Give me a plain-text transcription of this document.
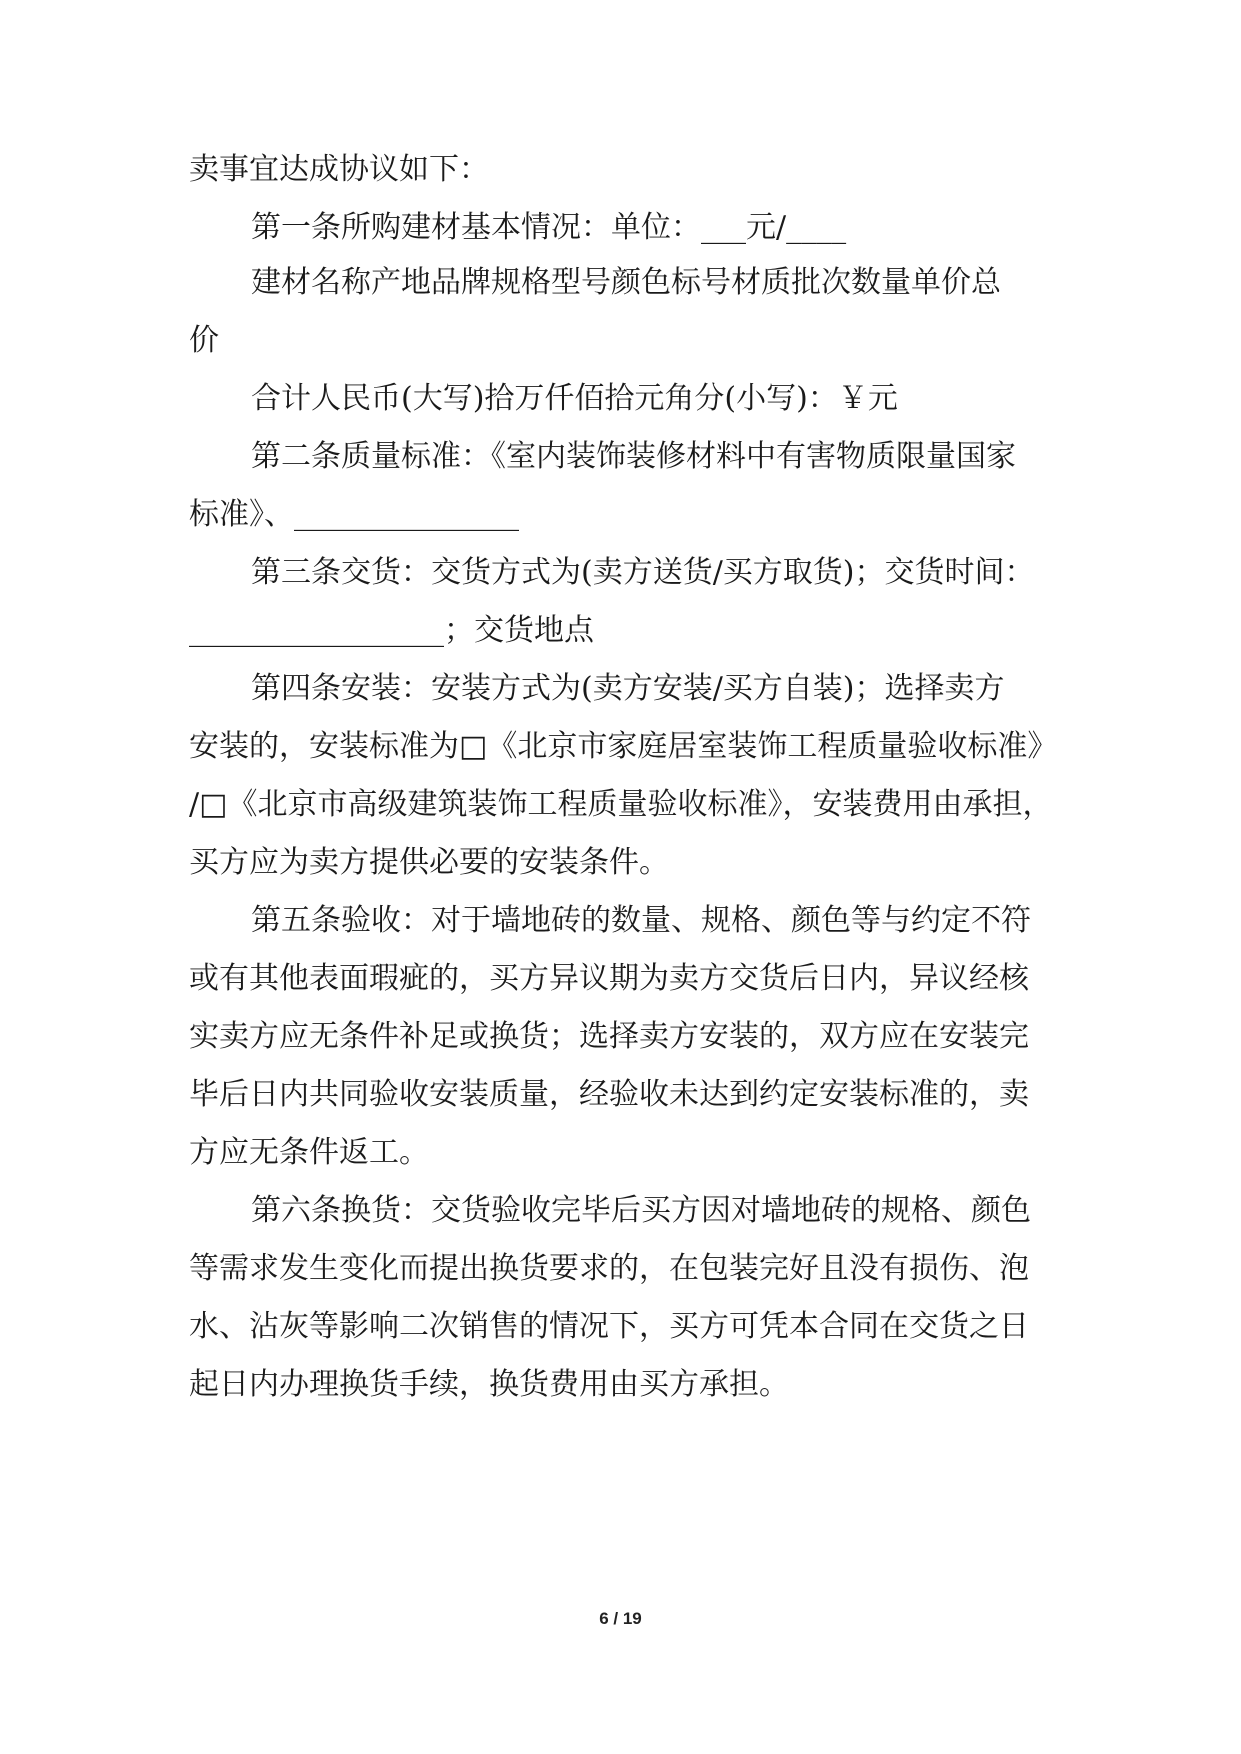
卖事宜达成协议如下：
第一条所购建材基本情况：单位：___元/____
建材名称产地品牌规格型号颜色标号材质批次数量单价总
价
合计人民币(大写)拾万仟佰拾元角分(小写)：￥元
第二条质量标准：《室内装饰装修材料中有害物质限量国家
标准》、_______________
第三条交货：交货方式为(卖方送货/买方取货)；交货时间：
_________________；交货地点
第四条安装：安装方式为(卖方安装/买方自装)；选择卖方
安装的，安装标准为□《北京市家庭居室装饰工程质量验收标准》
/□《北京市高级建筑装饰工程质量验收标准》，安装费用由承担，
买方应为卖方提供必要的安装条件。
第五条验收：对于墙地砖的数量、规格、颜色等与约定不符
或有其他表面瑕疵的，买方异议期为卖方交货后日内，异议经核
实卖方应无条件补足或换货；选择卖方安装的，双方应在安装完
毕后日内共同验收安装质量，经验收未达到约定安装标准的，卖
方应无条件返工。
第六条换货：交货验收完毕后买方因对墙地砖的规格、颜色
等需求发生变化而提出换货要求的，在包装完好且没有损伤、泡
水、沾灰等影响二次销售的情况下，买方可凭本合同在交货之日
起日内办理换货手续，换货费用由买方承担。
6 / 19
